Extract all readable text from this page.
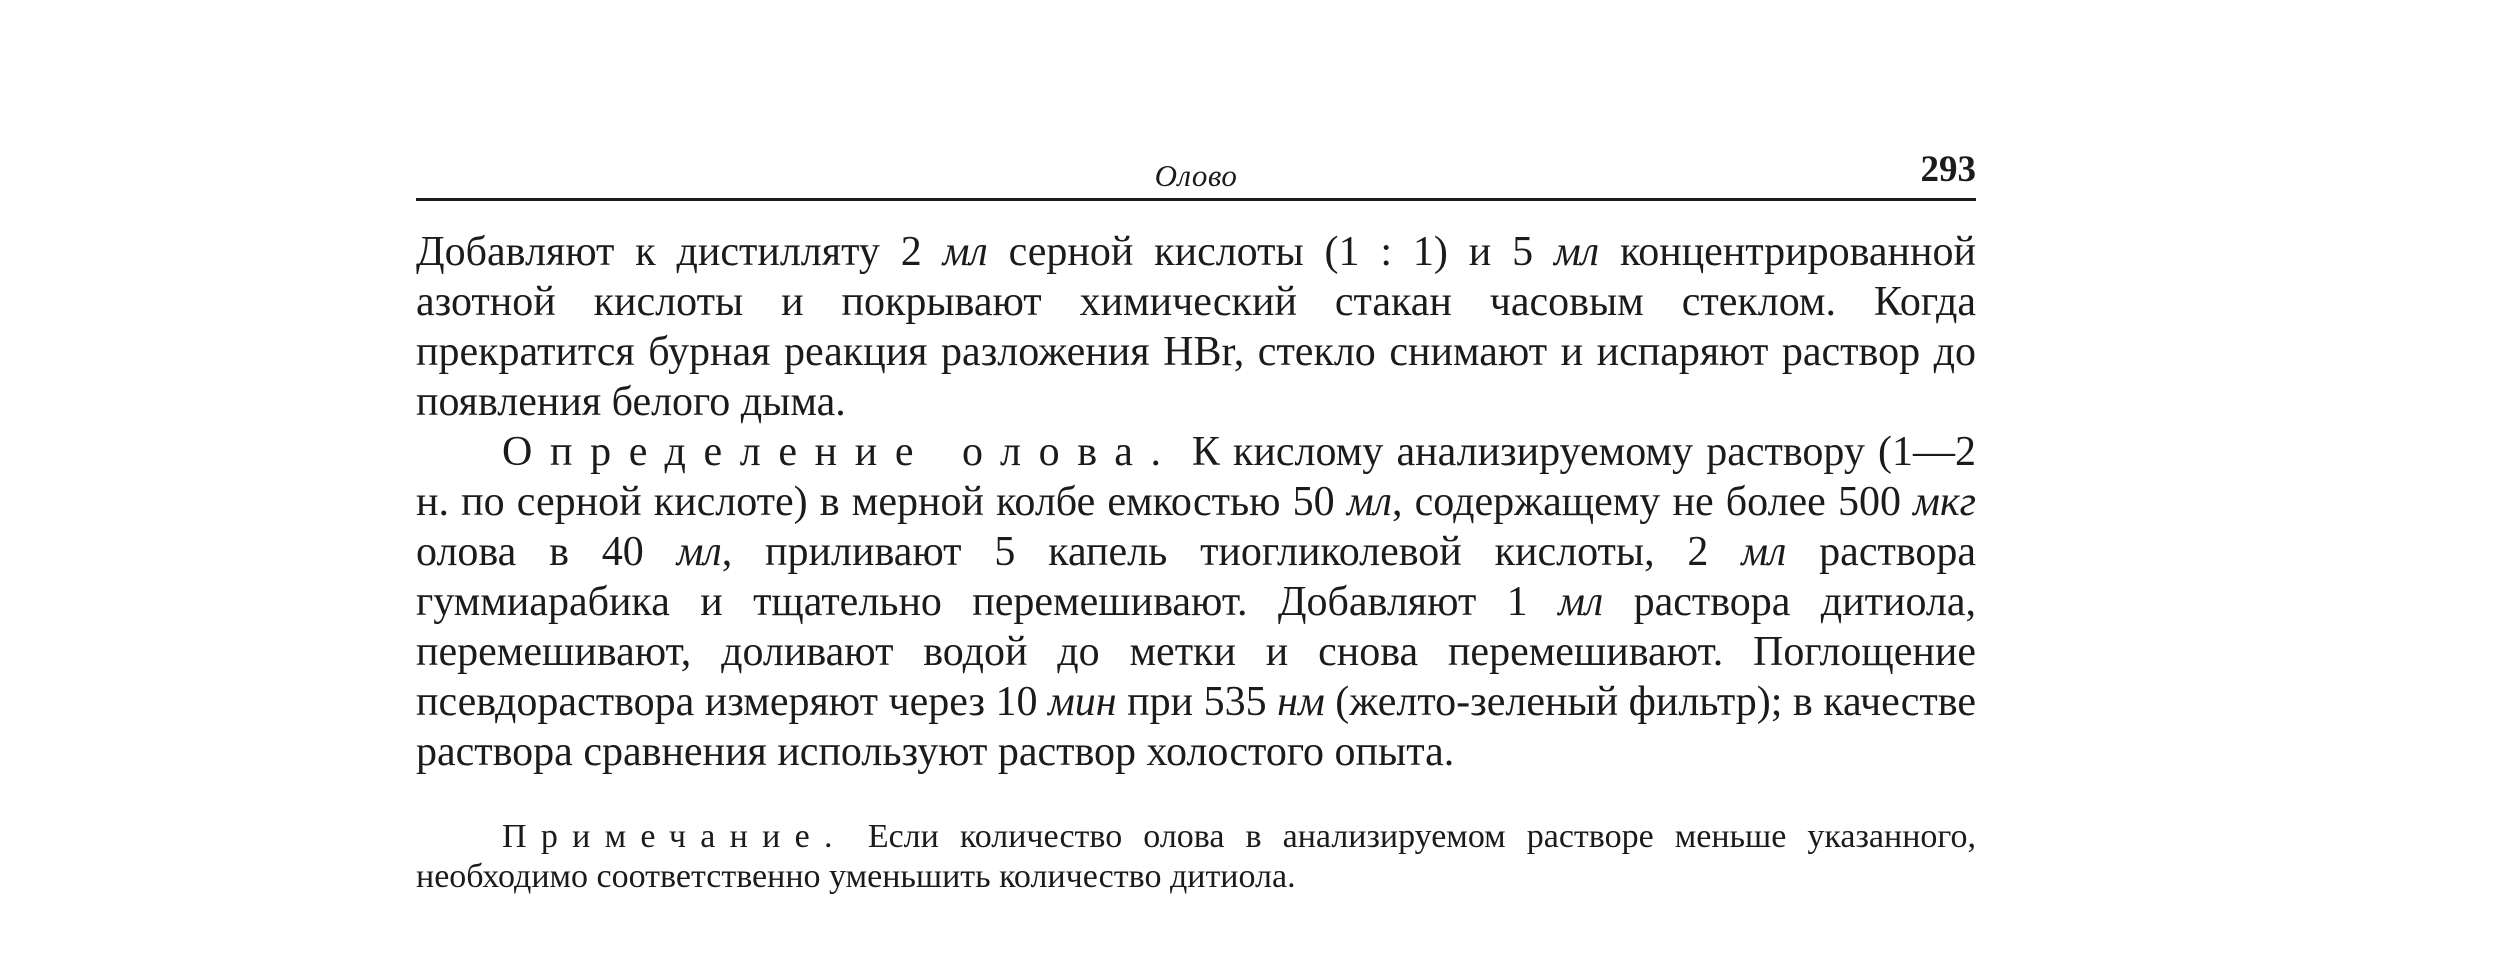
Олово	293

Добавляют к дистилляту 2 мл серной кислоты (1 : 1) и 5 мл концентрированной азотной кислоты и покрывают химический стакан часовым стеклом. Когда прекратится бурная реакция разложения HBr, стекло снимают и испаряют раствор до появления белого дыма.

Определение олова. К кислому анализируемому раствору (1—2 н. по серной кислоте) в мерной колбе емкостью 50 мл, содержащему не более 500 мкг олова в 40 мл, приливают 5 капель тиогликолевой кислоты, 2 мл раствора гуммиарабика и тщательно перемешивают. Добавляют 1 мл раствора дитиола, перемешивают, доливают водой до метки и снова перемешивают. Поглощение псевдораствора измеряют через 10 мин при 535 нм (желто-зеленый фильтр); в качестве раствора сравнения используют раствор холостого опыта.

Примечание. Если количество олова в анализируемом растворе меньше указанного, необходимо соответственно уменьшить количество дитиола.
